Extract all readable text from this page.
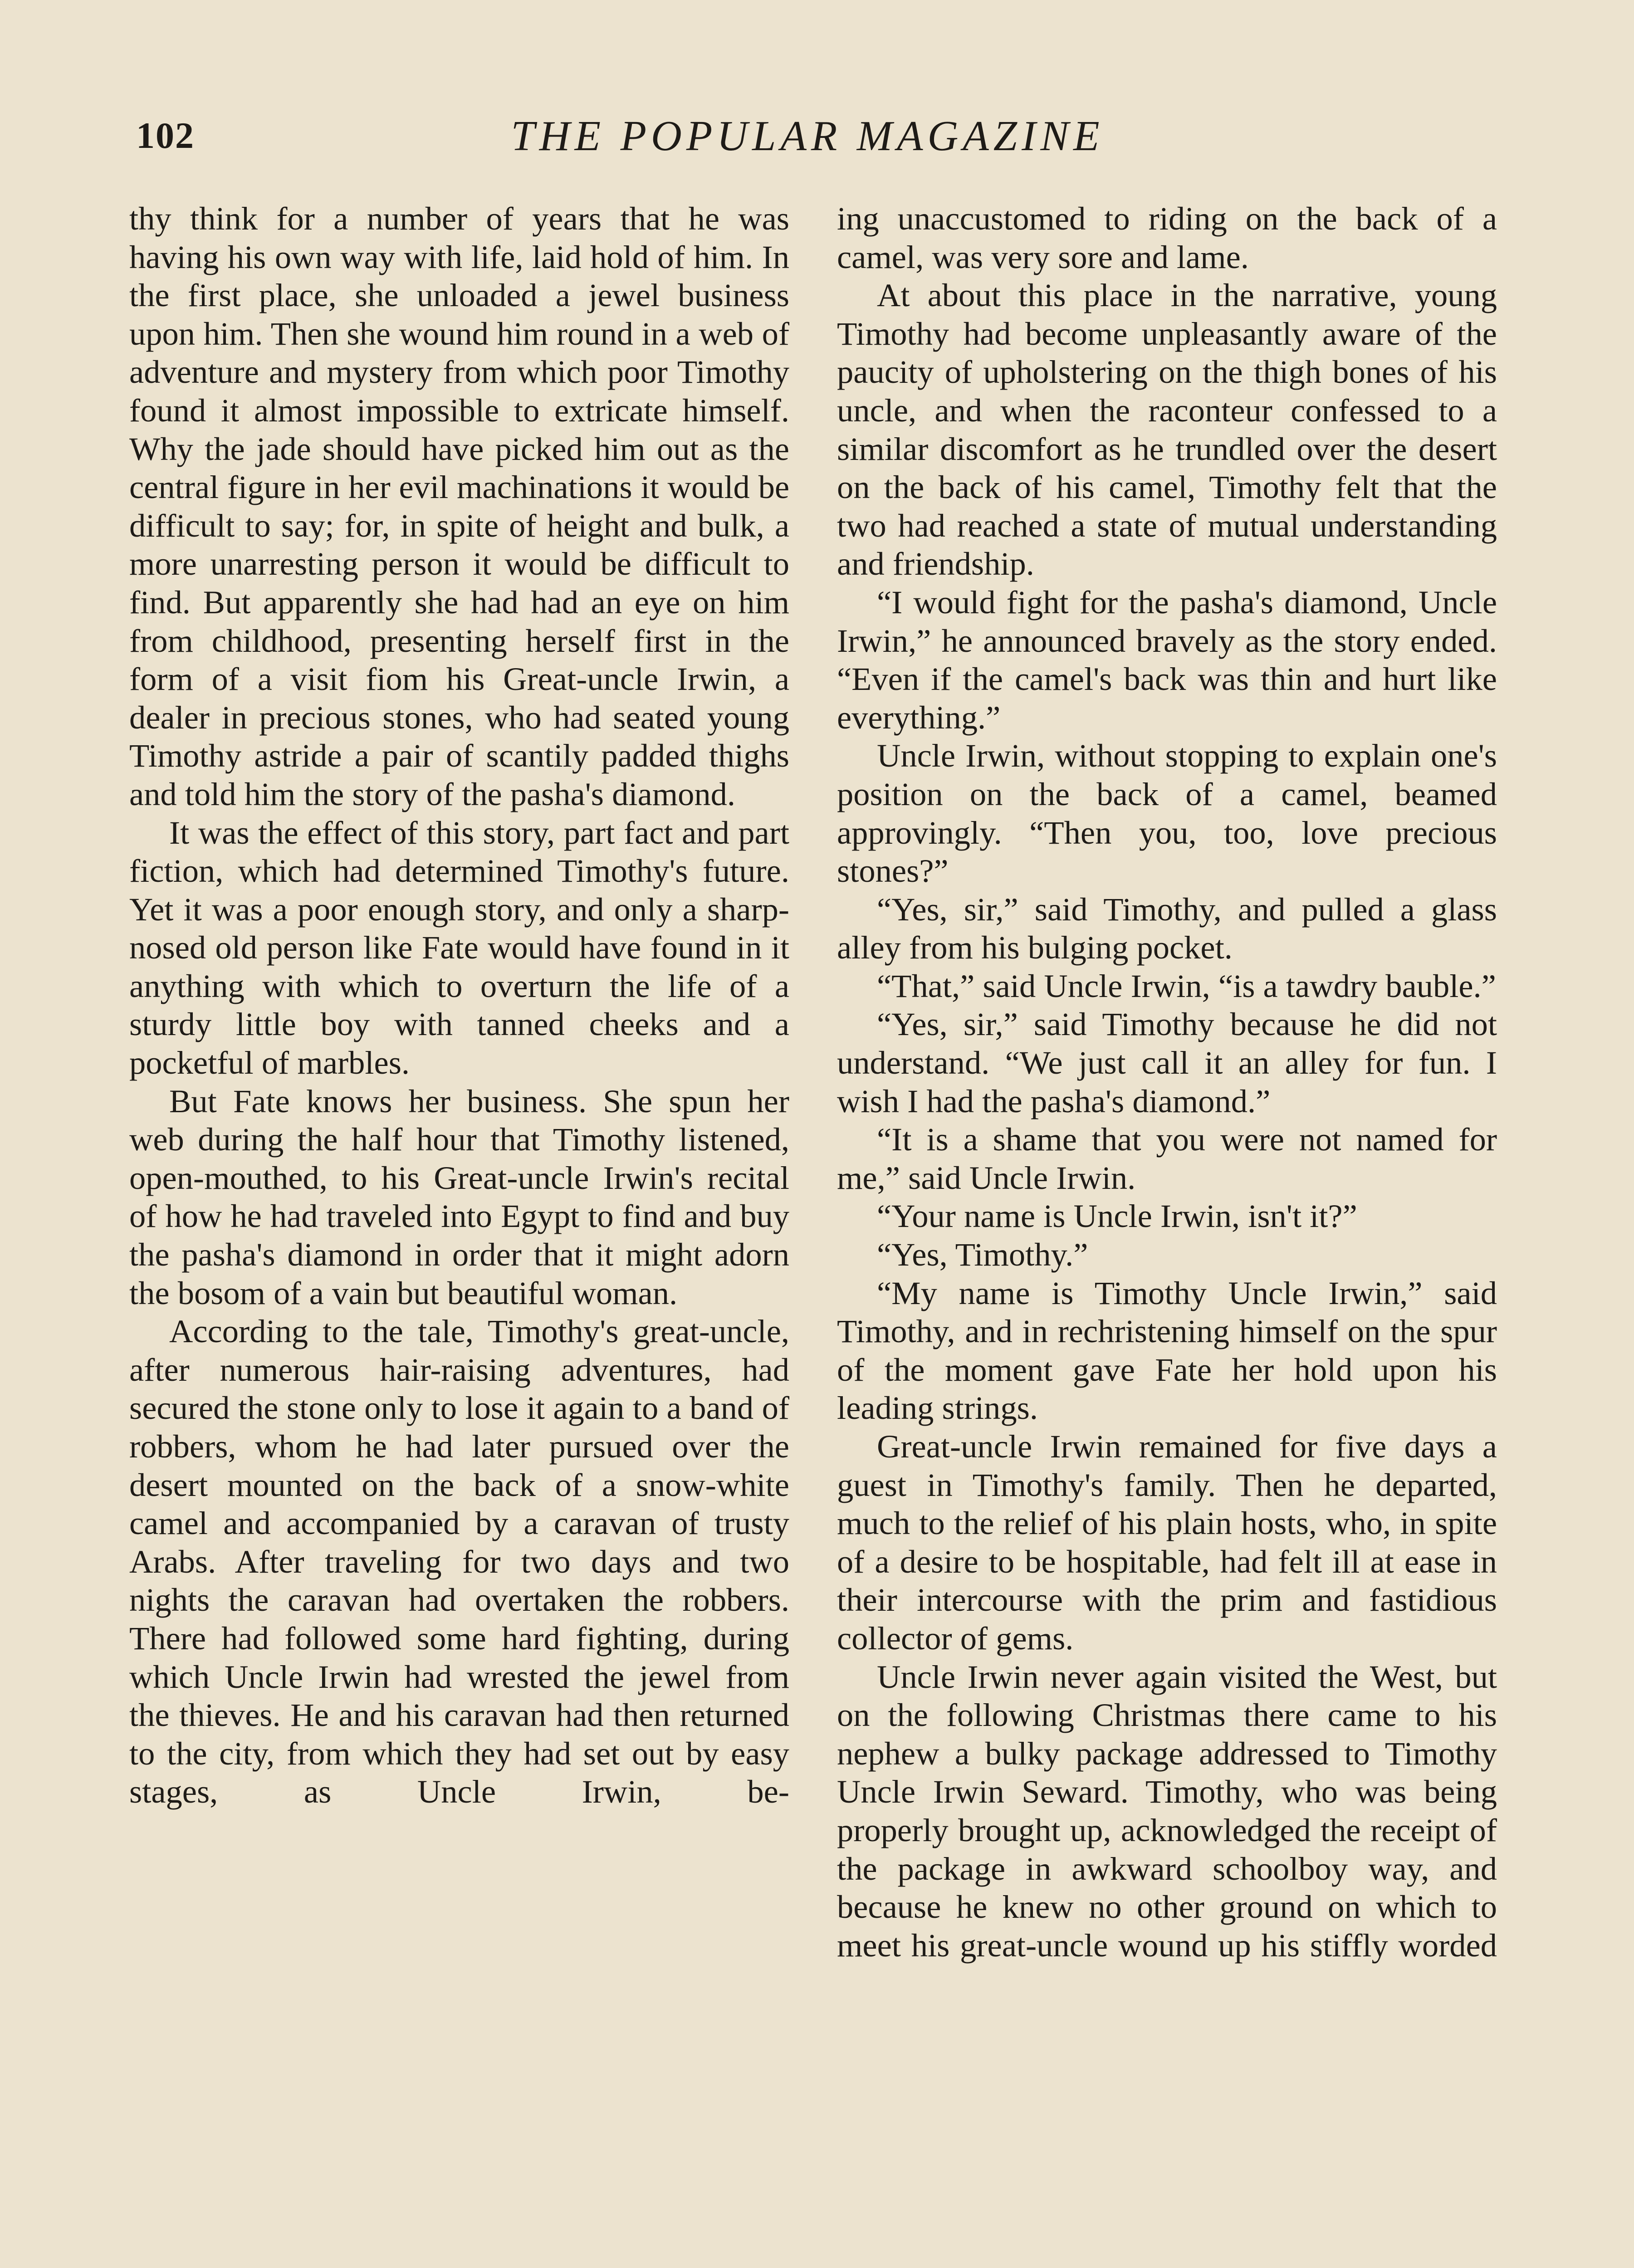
102	THE POPULAR MAGAZINE

thy think for a number of years that he was having his own way with life, laid hold of him. In the first place, she unloaded a jewel business upon him. Then she wound him round in a web of adventure and mystery from which poor Timothy found it almost impossible to extricate himself. Why the jade should have picked him out as the central figure in her evil machinations it would be difficult to say; for, in spite of height and bulk, a more unarresting person it would be difficult to find. But apparently she had had an eye on him from childhood, presenting herself first in the form of a visit fiom his Great-uncle Irwin, a dealer in precious stones, who had seated young Timothy astride a pair of scantily padded thighs and told him the story of the pasha's diamond.

It was the effect of this story, part fact and part fiction, which had determined Timothy's future. Yet it was a poor enough story, and only a sharp-nosed old person like Fate would have found in it anything with which to overturn the life of a sturdy little boy with tanned cheeks and a pocketful of marbles.

But Fate knows her business. She spun her web during the half hour that Timothy listened, open-mouthed, to his Great-uncle Irwin's recital of how he had traveled into Egypt to find and buy the pasha's diamond in order that it might adorn the bosom of a vain but beautiful woman.

According to the tale, Timothy's great-uncle, after numerous hair-raising adventures, had secured the stone only to lose it again to a band of robbers, whom he had later pursued over the desert mounted on the back of a snow-white camel and accompanied by a caravan of trusty Arabs. After traveling for two days and two nights the caravan had overtaken the robbers. There had followed some hard fighting, during which Uncle Irwin had wrested the jewel from the thieves. He and his caravan had then returned to the city, from which they had set out by easy stages, as Uncle Irwin, be-

ing unaccustomed to riding on the back of a camel, was very sore and lame.

At about this place in the narrative, young Timothy had become unpleasantly aware of the paucity of upholstering on the thigh bones of his uncle, and when the raconteur confessed to a similar discomfort as he trundled over the desert on the back of his camel, Timothy felt that the two had reached a state of mutual understanding and friendship.

“I would fight for the pasha's diamond, Uncle Irwin,” he announced bravely as the story ended. “Even if the camel's back was thin and hurt like everything.”

Uncle Irwin, without stopping to explain one's position on the back of a camel, beamed approvingly. “Then you, too, love precious stones?”

“Yes, sir,” said Timothy, and pulled a glass alley from his bulging pocket.

“That,” said Uncle Irwin, “is a tawdry bauble.”

“Yes, sir,” said Timothy because he did not understand. “We just call it an alley for fun. I wish I had the pasha's diamond.”

“It is a shame that you were not named for me,” said Uncle Irwin.

“Your name is Uncle Irwin, isn't it?”

“Yes, Timothy.”

“My name is Timothy Uncle Irwin,” said Timothy, and in rechristening himself on the spur of the moment gave Fate her hold upon his leading strings.

Great-uncle Irwin remained for five days a guest in Timothy's family. Then he departed, much to the relief of his plain hosts, who, in spite of a desire to be hospitable, had felt ill at ease in their intercourse with the prim and fastidious collector of gems.

Uncle Irwin never again visited the West, but on the following Christmas there came to his nephew a bulky package addressed to Timothy Uncle Irwin Seward. Timothy, who was being properly brought up, acknowledged the receipt of the package in awkward schoolboy way, and because he knew no other ground on which to meet his great-uncle wound up his stiffly worded
